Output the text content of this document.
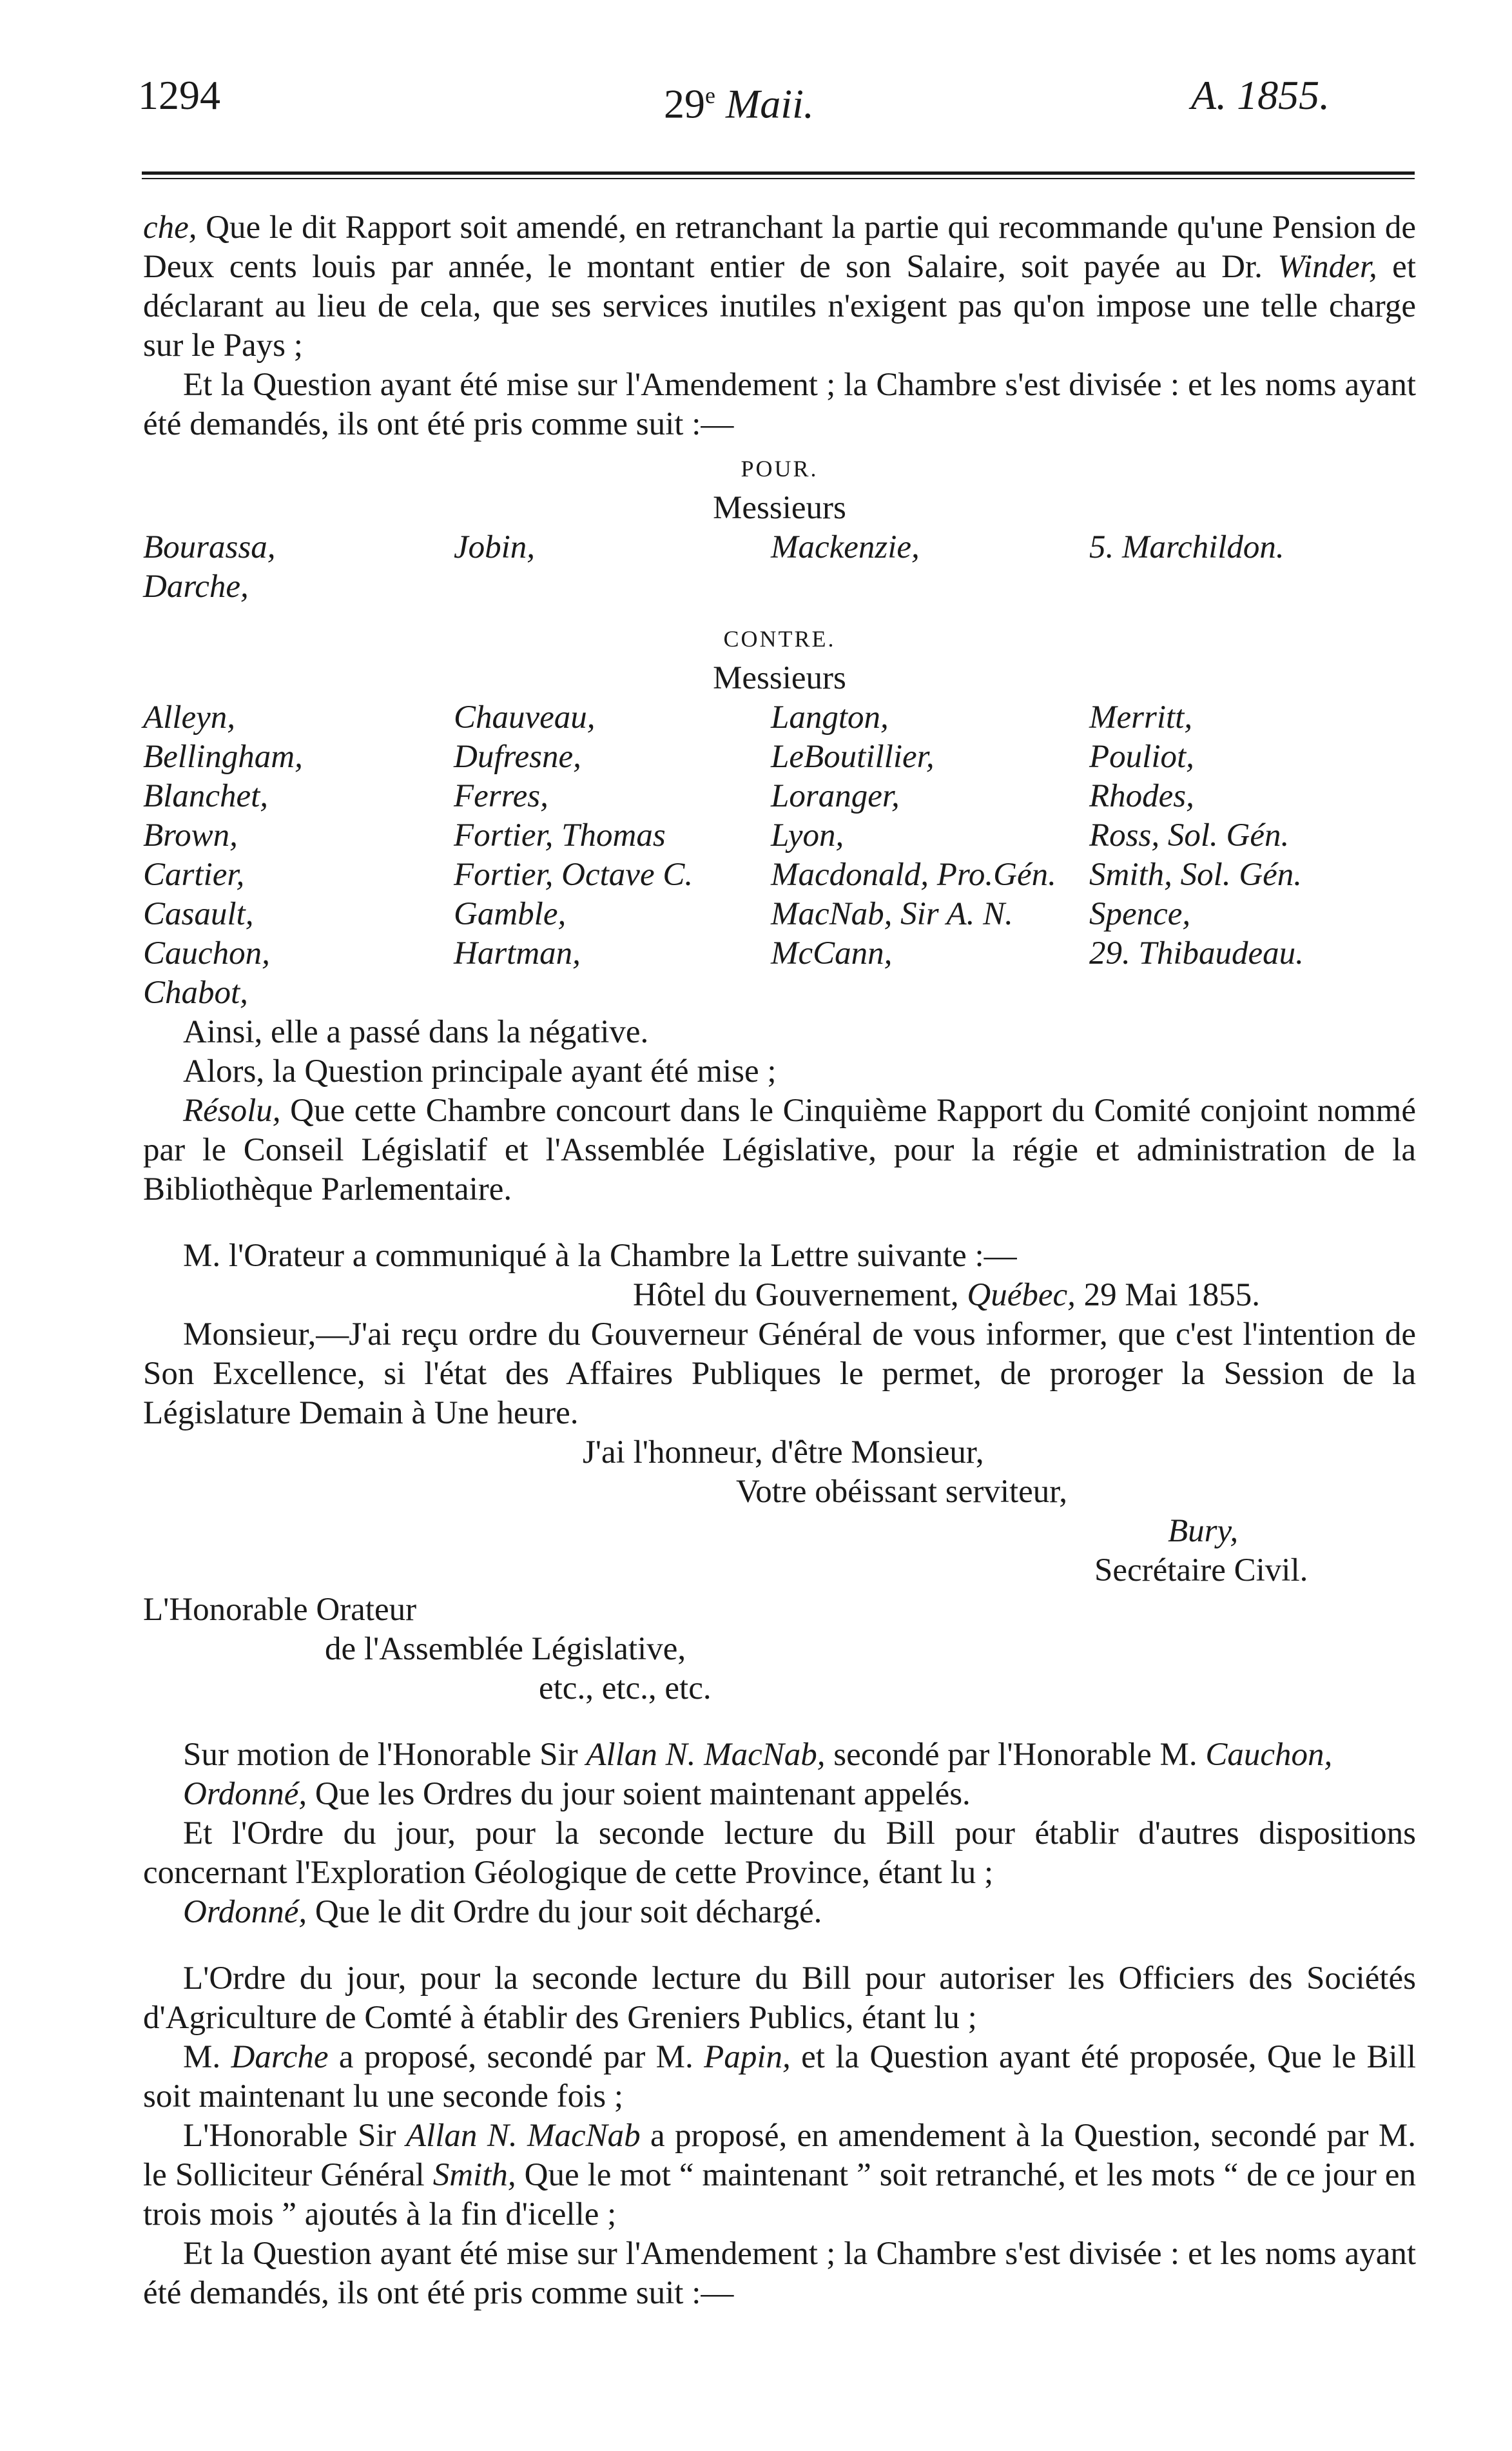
1294	29e Maii.	A. 1855.

che, Que le dit Rapport soit amendé, en retranchant la partie qui recommande qu'une Pension de Deux cents louis par année, le montant entier de son Salaire, soit payée au Dr. Winder, et déclarant au lieu de cela, que ses services inutiles n'exigent pas qu'on impose une telle charge sur le Pays ;

Et la Question ayant été mise sur l'Amendement ; la Chambre s'est divisée : et les noms ayant été demandés, ils ont été pris comme suit :—

POUR.
Messieurs
Bourassa,	Jobin,	Mackenzie,	5. Marchildon.
Darche,
CONTRE.
Messieurs
Alleyn,	Chauveau,	Langton,	Merritt,
Bellingham,	Dufresne,	LeBoutillier,	Pouliot,
Blanchet,	Ferres,	Loranger,	Rhodes,
Brown,	Fortier, Thomas	Lyon,	Ross, Sol. Gén.
Cartier,	Fortier, Octave C.	Macdonald, Pro.Gén.	Smith, Sol. Gén.
Casault,	Gamble,	MacNab, Sir A. N.	Spence,
Cauchon,	Hartman,	McCann,	29. Thibaudeau.
Chabot,

Ainsi, elle a passé dans la négative.

Alors, la Question principale ayant été mise ;

Résolu, Que cette Chambre concourt dans le Cinquième Rapport du Comité conjoint nommé par le Conseil Législatif et l'Assemblée Législative, pour la régie et administration de la Bibliothèque Parlementaire.

M. l'Orateur a communiqué à la Chambre la Lettre suivante :—

Hôtel du Gouvernement, Québec, 29 Mai 1855.

Monsieur,—J'ai reçu ordre du Gouverneur Général de vous informer, que c'est l'intention de Son Excellence, si l'état des Affaires Publiques le permet, de proroger la Session de la Législature Demain à Une heure.

J'ai l'honneur, d'être Monsieur,

Votre obéissant serviteur,

Bury,

Secrétaire Civil.

L'Honorable Orateur

de l'Assemblée Législative,

etc., etc., etc.

Sur motion de l'Honorable Sir Allan N. MacNab, secondé par l'Honorable M. Cauchon,

Ordonné, Que les Ordres du jour soient maintenant appelés.

Et l'Ordre du jour, pour la seconde lecture du Bill pour établir d'autres dispositions concernant l'Exploration Géologique de cette Province, étant lu ;

Ordonné, Que le dit Ordre du jour soit déchargé.

L'Ordre du jour, pour la seconde lecture du Bill pour autoriser les Officiers des Sociétés d'Agriculture de Comté à établir des Greniers Publics, étant lu ;

M. Darche a proposé, secondé par M. Papin, et la Question ayant été proposée, Que le Bill soit maintenant lu une seconde fois ;

L'Honorable Sir Allan N. MacNab a proposé, en amendement à la Question, secondé par M. le Solliciteur Général Smith, Que le mot “ maintenant ” soit retranché, et les mots “ de ce jour en trois mois ” ajoutés à la fin d'icelle ;

Et la Question ayant été mise sur l'Amendement ; la Chambre s'est divisée : et les noms ayant été demandés, ils ont été pris comme suit :—
